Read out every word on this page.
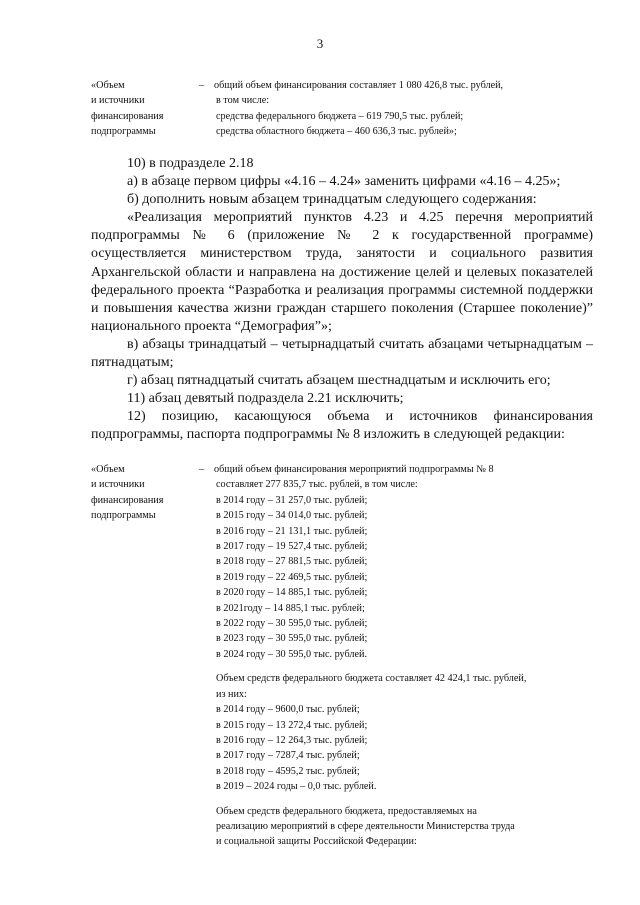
3
«Объем
и источники
финансирования
подпрограммы
– общий объем финансирования составляет 1 080 426,8 тыс. рублей,
в том числе:
средства федерального бюджета – 619 790,5 тыс. рублей;
средства областного бюджета – 460 636,3 тыс. рублей»;

10) в подразделе 2.18

а) в абзаце первом цифры «4.16 – 4.24» заменить цифрами «4.16 – 4.25»;

б) дополнить новым абзацем тринадцатым следующего содержания:

«Реализация мероприятий пунктов 4.23 и 4.25 перечня мероприятий подпрограммы № 6 (приложение № 2 к государственной программе) осуществляется министерством труда, занятости и социального развития Архангельской области и направлена на достижение целей и целевых показателей федерального проекта “Разработка и реализация программы системной поддержки и повышения качества жизни граждан старшего поколения (Старшее поколение)” национального проекта “Демография”»;

в) абзацы тринадцатый – четырнадцатый считать абзацами четырнадцатым – пятнадцатым;

г) абзац пятнадцатый считать абзацем шестнадцатым и исключить его;

11) абзац девятый подраздела 2.21 исключить;

12) позицию, касающуюся объема и источников финансирования подпрограммы, паспорта подпрограммы № 8 изложить в следующей редакции:

«Объем
и источники
финансирования
подпрограммы
– общий объем финансирования мероприятий подпрограммы № 8
составляет 277 835,7 тыс. рублей, в том числе:
в 2014 году – 31 257,0 тыс. рублей;
в 2015 году – 34 014,0 тыс. рублей;
в 2016 году – 21 131,1 тыс. рублей;
в 2017 году – 19 527,4 тыс. рублей;
в 2018 году – 27 881,5 тыс. рублей;
в 2019 году – 22 469,5 тыс. рублей;
в 2020 году – 14 885,1 тыс. рублей;
в 2021году – 14 885,1 тыс. рублей;
в 2022 году – 30 595,0 тыс. рублей;
в 2023 году – 30 595,0 тыс. рублей;
в 2024 году – 30 595,0 тыс. рублей.
Объем средств федерального бюджета составляет 42 424,1 тыс. рублей,
из них:
в 2014 году – 9600,0 тыс. рублей;
в 2015 году – 13 272,4 тыс. рублей;
в 2016 году – 12 264,3 тыс. рублей;
в 2017 году – 7287,4 тыс. рублей;
в 2018 году – 4595,2 тыс. рублей;
в 2019 – 2024 годы – 0,0 тыс. рублей.
Объем средств федерального бюджета, предоставляемых на
реализацию мероприятий в сфере деятельности Министерства труда
и социальной защиты Российской Федерации:
